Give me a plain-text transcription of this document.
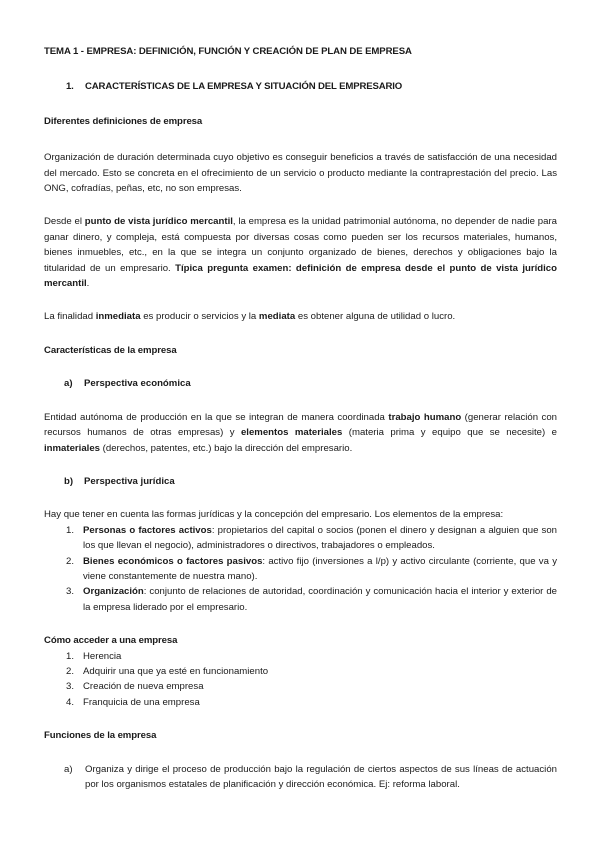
TEMA 1 - EMPRESA: DEFINICIÓN, FUNCIÓN Y CREACIÓN DE PLAN DE EMPRESA
1.	CARACTERÍSTICAS DE LA EMPRESA Y SITUACIÓN DEL EMPRESARIO
Diferentes definiciones de empresa

Organización de duración determinada cuyo objetivo es conseguir beneficios a través de satisfacción de una necesidad del mercado. Esto se concreta en el ofrecimiento de un servicio o producto mediante la contraprestación del precio. Las ONG, cofradías, peñas, etc, no son empresas.

Desde el punto de vista jurídico mercantil, la empresa es la unidad patrimonial autónoma, no depender de nadie para ganar dinero, y compleja, está compuesta por diversas cosas como pueden ser los recursos materiales, humanos, bienes inmuebles, etc., en la que se integra un conjunto organizado de bienes, derechos y obligaciones bajo la titularidad de un empresario. Típica pregunta examen: definición de empresa desde el punto de vista jurídico mercantil.

La finalidad inmediata es producir o servicios y la mediata es obtener alguna de utilidad o lucro.

Características de la empresa
a)	Perspectiva económica

Entidad autónoma de producción en la que se integran de manera coordinada trabajo humano (generar relación con recursos humanos de otras empresas) y elementos materiales (materia prima y equipo que se necesite) e inmateriales (derechos, patentes, etc.) bajo la dirección del empresario.

b)	Perspectiva jurídica

Hay que tener en cuenta las formas jurídicas y la concepción del empresario. Los elementos de la empresa:

1. Personas o factores activos: propietarios del capital o socios (ponen el dinero y designan a alguien que son los que llevan el negocio), administradores o directivos, trabajadores o empleados.
2. Bienes económicos o factores pasivos: activo fijo (inversiones a l/p) y activo circulante (corriente, que va y viene constantemente de nuestra mano).
3. Organización: conjunto de relaciones de autoridad, coordinación y comunicación hacia el interior y exterior de la empresa liderado por el empresario.
Cómo acceder a una empresa
1. Herencia
2. Adquirir una que ya esté en funcionamiento
3. Creación de nueva empresa
4. Franquicia de una empresa
Funciones de la empresa
a)	Organiza y dirige el proceso de producción bajo la regulación de ciertos aspectos de sus líneas de actuación por los organismos estatales de planificación y dirección económica. Ej: reforma laboral.
